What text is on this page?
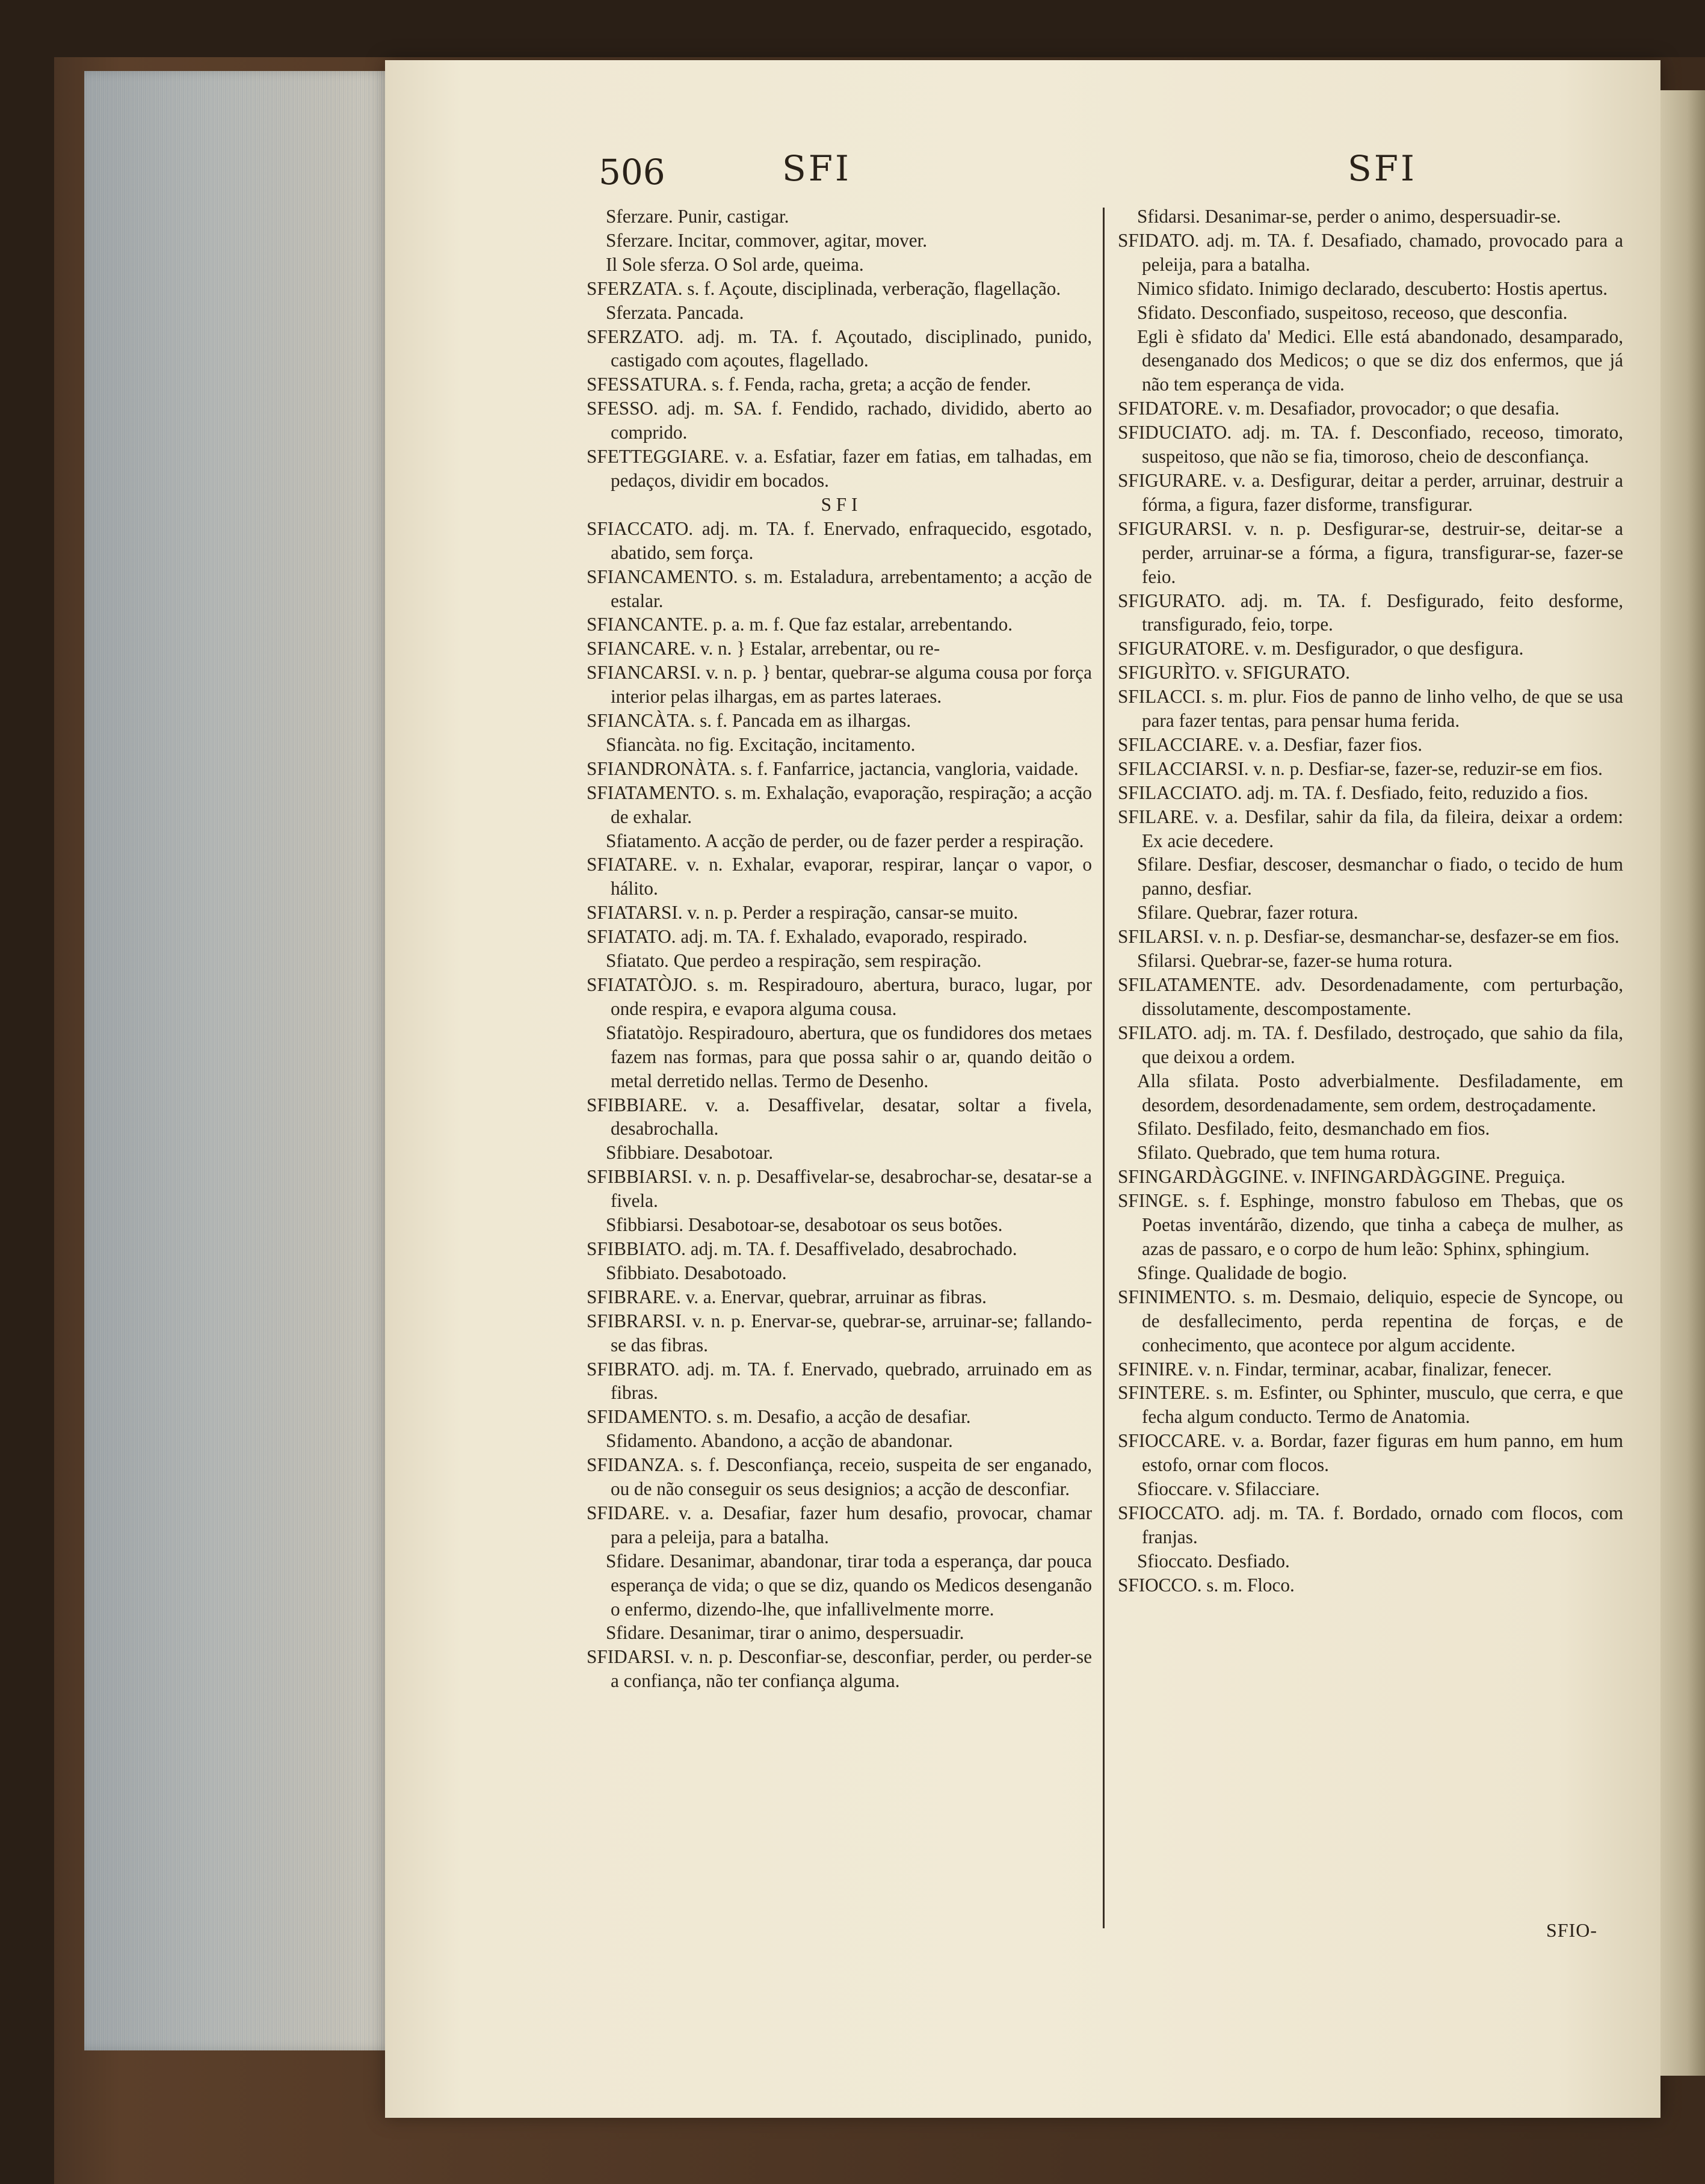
506	SFI	SFI

Sferzare. Punir, castigar.

Sferzare. Incitar, commover, agitar, mover.

Il Sole sferza. O Sol arde, queima.

SFERZATA. s. f. Açoute, disciplinada, verberação, flagellação.

Sferzata. Pancada.

SFERZATO. adj. m. TA. f. Açoutado, disciplinado, punido, castigado com açoutes, flagellado.

SFESSATURA. s. f. Fenda, racha, greta; a acção de fender.

SFESSO. adj. m. SA. f. Fendido, rachado, dividido, aberto ao comprido.

SFETTEGGIARE. v. a. Esfatiar, fazer em fatias, em talhadas, em pedaços, dividir em bocados.

S F I

SFIACCATO. adj. m. TA. f. Enervado, enfraquecido, esgotado, abatido, sem força.

SFIANCAMENTO. s. m. Estaladura, arrebentamento; a acção de estalar.

SFIANCANTE. p. a. m. f. Que faz estalar, arrebentando.

SFIANCARE. v. n. } Estalar, arrebentar, ou re-

SFIANCARSI. v. n. p. } bentar, quebrar-se alguma cousa por força interior pelas ilhargas, em as partes lateraes.

SFIANCÀTA. s. f. Pancada em as ilhargas.

Sfiancàta. no fig. Excitação, incitamento.

SFIANDRONÀTA. s. f. Fanfarrice, jactancia, vangloria, vaidade.

SFIATAMENTO. s. m. Exhalação, evaporação, respiração; a acção de exhalar.

Sfiatamento. A acção de perder, ou de fazer perder a respiração.

SFIATARE. v. n. Exhalar, evaporar, respirar, lançar o vapor, o hálito.

SFIATARSI. v. n. p. Perder a respiração, cansar-se muito.

SFIATATO. adj. m. TA. f. Exhalado, evaporado, respirado.

Sfiatato. Que perdeo a respiração, sem respiração.

SFIATATÒJO. s. m. Respiradouro, abertura, buraco, lugar, por onde respira, e evapora alguma cousa.

Sfiatatòjo. Respiradouro, abertura, que os fundidores dos metaes fazem nas formas, para que possa sahir o ar, quando deitão o metal derretido nellas. Termo de Desenho.

SFIBBIARE. v. a. Desaffivelar, desatar, soltar a fivela, desabrochalla.

Sfibbiare. Desabotoar.

SFIBBIARSI. v. n. p. Desaffivelar-se, desabrochar-se, desatar-se a fivela.

Sfibbiarsi. Desabotoar-se, desabotoar os seus botões.

SFIBBIATO. adj. m. TA. f. Desaffivelado, desabrochado.

Sfibbiato. Desabotoado.

SFIBRARE. v. a. Enervar, quebrar, arruinar as fibras.

SFIBRARSI. v. n. p. Enervar-se, quebrar-se, arruinar-se; fallando-se das fibras.

SFIBRATO. adj. m. TA. f. Enervado, quebrado, arruinado em as fibras.

SFIDAMENTO. s. m. Desafio, a acção de desafiar.

Sfidamento. Abandono, a acção de abandonar.

SFIDANZA. s. f. Desconfiança, receio, suspeita de ser enganado, ou de não conseguir os seus designios; a acção de desconfiar.

SFIDARE. v. a. Desafiar, fazer hum desafio, provocar, chamar para a peleija, para a batalha.

Sfidare. Desanimar, abandonar, tirar toda a esperança, dar pouca esperança de vida; o que se diz, quando os Medicos desenganão o enfermo, dizendo-lhe, que infallivelmente morre.

Sfidare. Desanimar, tirar o animo, despersuadir.

SFIDARSI. v. n. p. Desconfiar-se, desconfiar, perder, ou perder-se a confiança, não ter confiança alguma.

Sfidarsi. Desanimar-se, perder o animo, despersuadir-se.

SFIDATO. adj. m. TA. f. Desafiado, chamado, provocado para a peleija, para a batalha.

Nimico sfidato. Inimigo declarado, descuberto: Hostis apertus.

Sfidato. Desconfiado, suspeitoso, receoso, que desconfia.

Egli è sfidato da' Medici. Elle está abandonado, desamparado, desenganado dos Medicos; o que se diz dos enfermos, que já não tem esperança de vida.

SFIDATORE. v. m. Desafiador, provocador; o que desafia.

SFIDUCIATO. adj. m. TA. f. Desconfiado, receoso, timorato, suspeitoso, que não se fia, timoroso, cheio de desconfiança.

SFIGURARE. v. a. Desfigurar, deitar a perder, arruinar, destruir a fórma, a figura, fazer disforme, transfigurar.

SFIGURARSI. v. n. p. Desfigurar-se, destruir-se, deitar-se a perder, arruinar-se a fórma, a figura, transfigurar-se, fazer-se feio.

SFIGURATO. adj. m. TA. f. Desfigurado, feito desforme, transfigurado, feio, torpe.

SFIGURATORE. v. m. Desfigurador, o que desfigura.

SFIGURÌTO. v. SFIGURATO.

SFILACCI. s. m. plur. Fios de panno de linho velho, de que se usa para fazer tentas, para pensar huma ferida.

SFILACCIARE. v. a. Desfiar, fazer fios.

SFILACCIARSI. v. n. p. Desfiar-se, fazer-se, reduzir-se em fios.

SFILACCIATO. adj. m. TA. f. Desfiado, feito, reduzido a fios.

SFILARE. v. a. Desfilar, sahir da fila, da fileira, deixar a ordem: Ex acie decedere.

Sfilare. Desfiar, descoser, desmanchar o fiado, o tecido de hum panno, desfiar.

Sfilare. Quebrar, fazer rotura.

SFILARSI. v. n. p. Desfiar-se, desmanchar-se, desfazer-se em fios.

Sfilarsi. Quebrar-se, fazer-se huma rotura.

SFILATAMENTE. adv. Desordenadamente, com perturbação, dissolutamente, descompostamente.

SFILATO. adj. m. TA. f. Desfilado, destroçado, que sahio da fila, que deixou a ordem.

Alla sfilata. Posto adverbialmente. Desfiladamente, em desordem, desordenadamente, sem ordem, destroçadamente.

Sfilato. Desfilado, feito, desmanchado em fios.

Sfilato. Quebrado, que tem huma rotura.

SFINGARDÀGGINE. v. INFINGARDÀGGINE. Preguiça.

SFINGE. s. f. Esphinge, monstro fabuloso em Thebas, que os Poetas inventárão, dizendo, que tinha a cabeça de mulher, as azas de passaro, e o corpo de hum leão: Sphinx, sphingium.

Sfinge. Qualidade de bogio.

SFINIMENTO. s. m. Desmaio, deliquio, especie de Syncope, ou de desfallecimento, perda repentina de forças, e de conhecimento, que acontece por algum accidente.

SFINIRE. v. n. Findar, terminar, acabar, finalizar, fenecer.

SFINTERE. s. m. Esfinter, ou Sphinter, musculo, que cerra, e que fecha algum conducto. Termo de Anatomia.

SFIOCCARE. v. a. Bordar, fazer figuras em hum panno, em hum estofo, ornar com flocos.

Sfioccare. v. Sfilacciare.

SFIOCCATO. adj. m. TA. f. Bordado, ornado com flocos, com franjas.

Sfioccato. Desfiado.

SFIOCCO. s. m. Floco.

SFIO-
